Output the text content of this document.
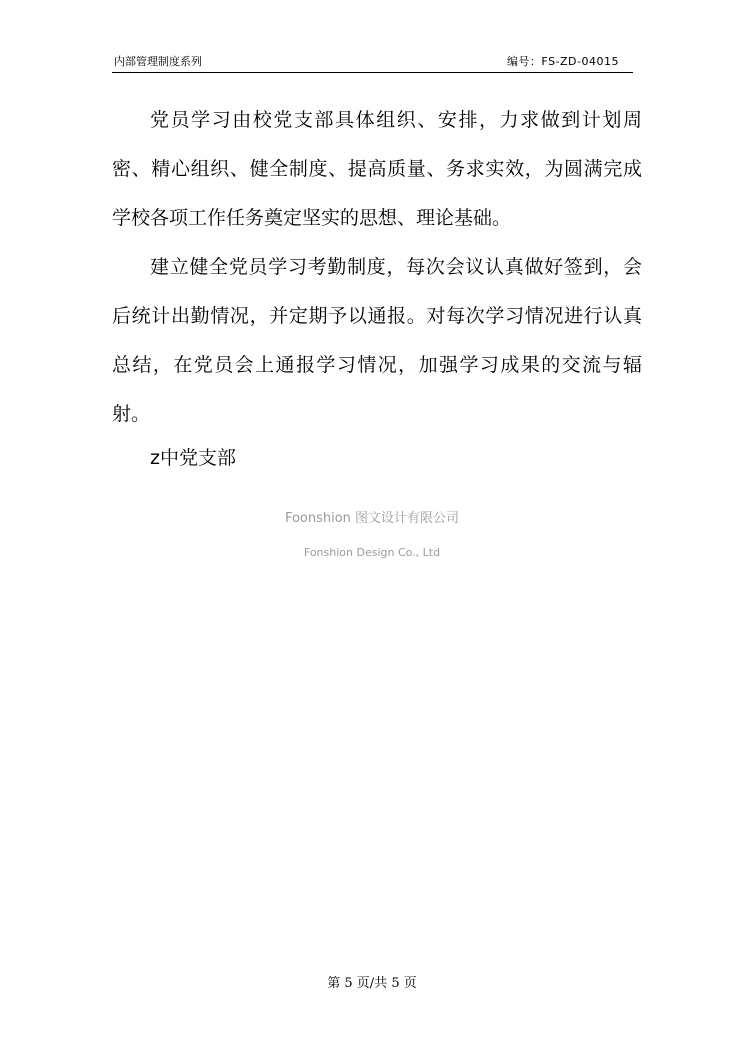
内部管理制度系列	编号：FS-ZD-04015

党员学习由校党支部具体组织、安排，力求做到计划周密、精心组织、健全制度、提高质量、务求实效，为圆满完成学校各项工作任务奠定坚实的思想、理论基础。

建立健全党员学习考勤制度，每次会议认真做好签到，会后统计出勤情况，并定期予以通报。对每次学习情况进行认真总结，在党员会上通报学习情况，加强学习成果的交流与辐射。

z中党支部
Foonshion 图文设计有限公司
Fonshion Design Co., Ltd
第 5 页/共 5 页
